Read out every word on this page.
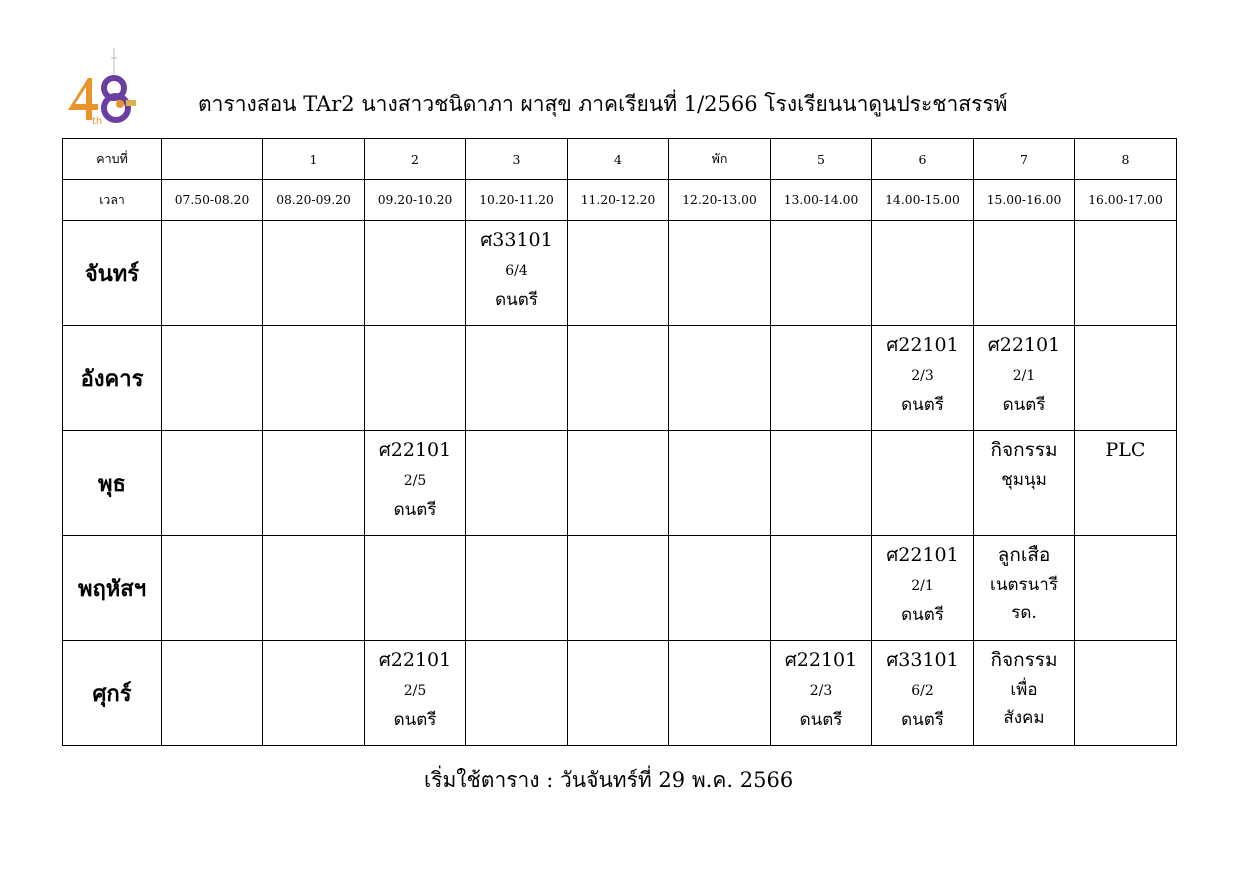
th
ตารางสอน TAr2 นางสาวชนิดาภา ผาสุข ภาคเรียนที่ 1/2566 โรงเรียนนาดูนประชาสรรพ์
คาบที่		1	2	3	4	พัก	5	6	7	8
เวลา	07.50-08.20	08.20-09.20	09.20-10.20	10.20-11.20	11.20-12.20	12.20-13.00	13.00-14.00	14.00-15.00	15.00-16.00	16.00-17.00
จันทร์				ศ33101
6/4
ดนตรี						

อังคาร								ศ22101
2/3
ดนตรี	ศ22101
2/1
ดนตรี	

พุธ			ศ22101
2/5
ดนตรี						กิจกรรม
ชุมนุม	PLC

พฤหัสฯ								ศ22101
2/1
ดนตรี	ลูกเสือ
เนตรนารี
รด.	

ศุกร์			ศ22101
2/5
ดนตรี				ศ22101
2/3
ดนตรี	ศ33101
6/2
ดนตรี	กิจกรรม
เพื่อ
สังคม	

เริ่มใช้ตาราง : วันจันทร์ที่ 29 พ.ค. 2566
